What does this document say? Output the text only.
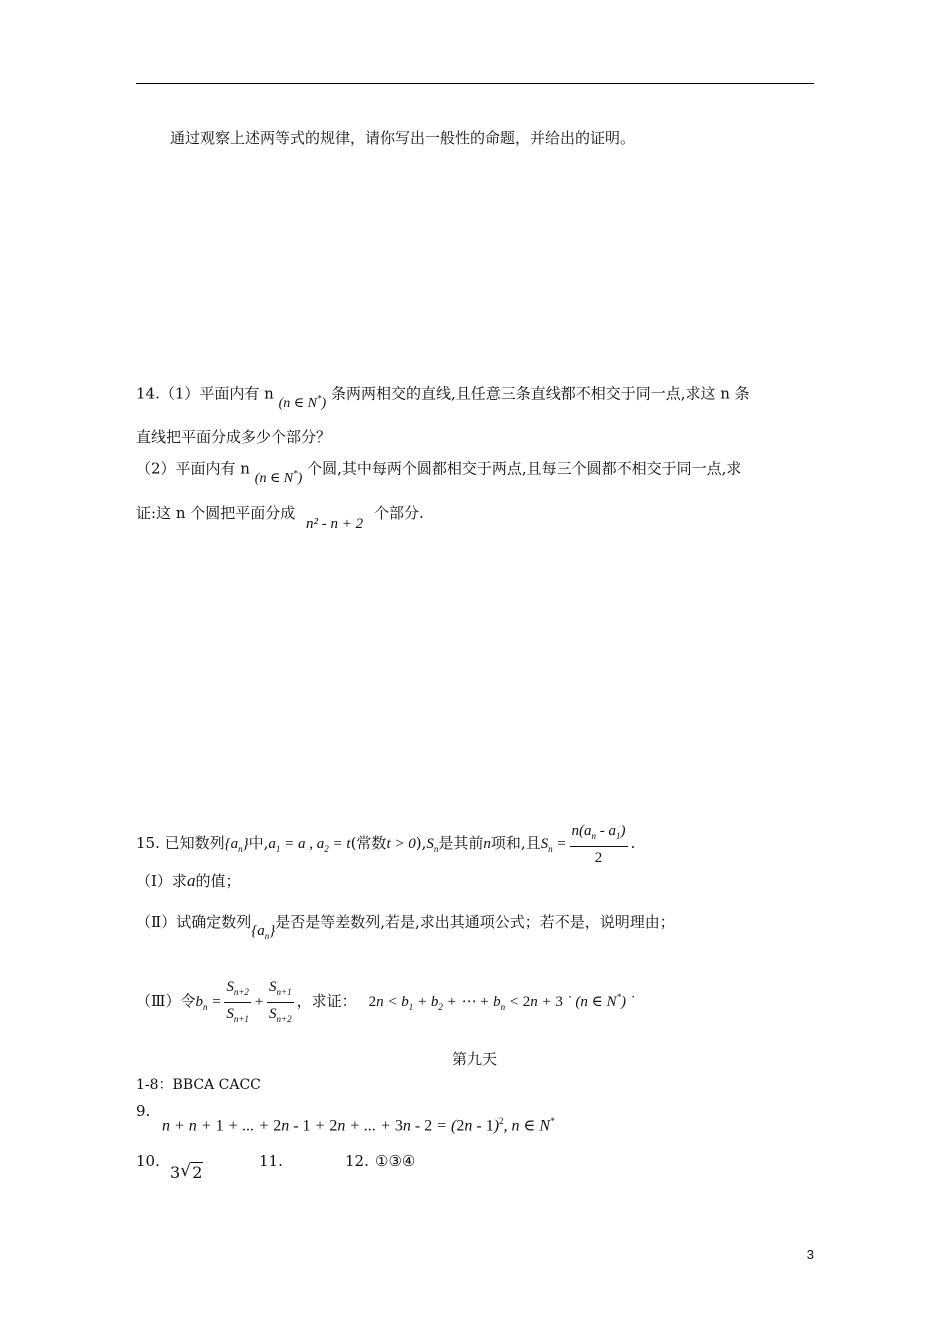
通过观察上述两等式的规律，请你写出一般性的命题，并给出的证明。
14.（1）平面内有 n (n ∈ N*) 条两两相交的直线,且任意三条直线都不相交于同一点,求这 n 条
直线把平面分成多少个部分？
（2）平面内有 n (n ∈ N*) 个圆,其中每两个圆都相交于两点,且每三个圆都不相交于同一点,求
证:这 n 个圆把平面分成 n² - n + 2 个部分.
15. 已知数列$\{a_n\}$中$,a_1 = a$ , $a_2 = t$(常数$t > 0),S_n$是其前n项和,且$S_n = \frac{n(a_n - a_1)}{2}$ .
（Ⅰ）求a的值；
（Ⅱ）试确定数列$\{a_n\}$是否是等差数列,若是,求出其通项公式；若不是，说明理由；
（Ⅲ）令$b_n = \frac{S_{n+2}}{S_{n+1}} + \frac{S_{n+1}}{S_{n+2}}$ ，求证： $2n < b_1 + b_2$ + ⋯ + $b_n < 2n + 3$ ˙ (n ∈ N*) ˙
第九天
1-8：BBCA CACC
9.
n + n + 1 + ... + 2n - 1 + 2n + ... + 3n - 2 = (2n - 1)$^2$, n ∈ N*
10.
3 √ 2
11.	12. ①③④
3
